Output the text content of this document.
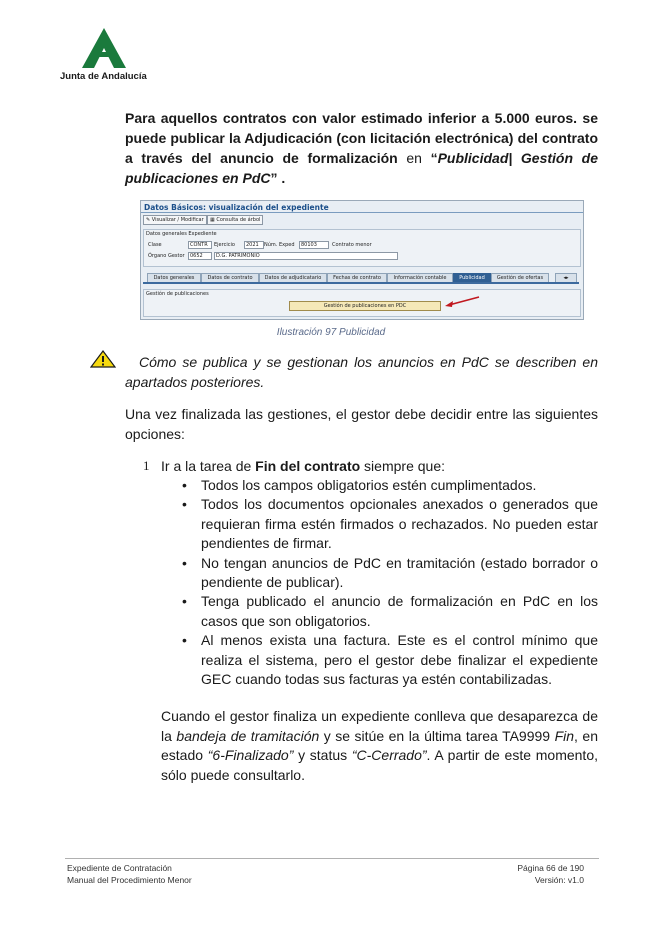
Junta de Andalucía
Para aquellos contratos con valor estimado inferior a 5.000 euros. se puede publicar la Adjudicación (con licitación electrónica) del contrato a través del anuncio de formalización en “Publicidad| Gestión de publicaciones en PdC” .
Datos Básicos: visualización del expediente
✎ Visualizar / Modificar	▦ Consulta de árbol
Datos generales Expediente
Clase	CONTR	Ejercicio	2021	Núm. Exped	80103	Contrato menor
Órgano Gestor	0652	D.G. PATRIMONIO
Datos generales	Datos de contrato	Datos de adjudicatario	Fechas de contrato	Información contable	Publicidad	Gestión de ofertas	◂▸
Gestión de publicaciones
Gestión de publicaciones en PDC
Ilustración 97 Publicidad
Cómo se publica y se gestionan los anuncios en PdC se describen en apartados posteriores.
Una vez finalizada las gestiones, el gestor debe decidir entre las siguientes opciones:
1 Ir a la tarea de Fin del contrato siempre que:
• Todos los campos obligatorios estén cumplimentados.
• Todos los documentos opcionales anexados o generados que requieran firma estén firmados o rechazados. No pueden estar pendientes de firmar.
• No tengan anuncios de PdC en tramitación (estado borrador o pendiente de publicar).
• Tenga publicado el anuncio de formalización en PdC en los casos que son obligatorios.
• Al menos exista una factura. Este es el control mínimo que realiza el sistema, pero el gestor debe finalizar el expediente GEC cuando todas sus facturas ya estén contabilizadas.
Cuando el gestor finaliza un expediente conlleva que desaparezca de la bandeja de tramitación y se sitúe en la última tarea TA9999 Fin, en estado “6-Finalizado” y status “C-Cerrado”. A partir de este momento, sólo puede consultarlo.
Expediente de Contratación
Manual del Procedimiento Menor
Página 66 de 190
Versión: v1.0
